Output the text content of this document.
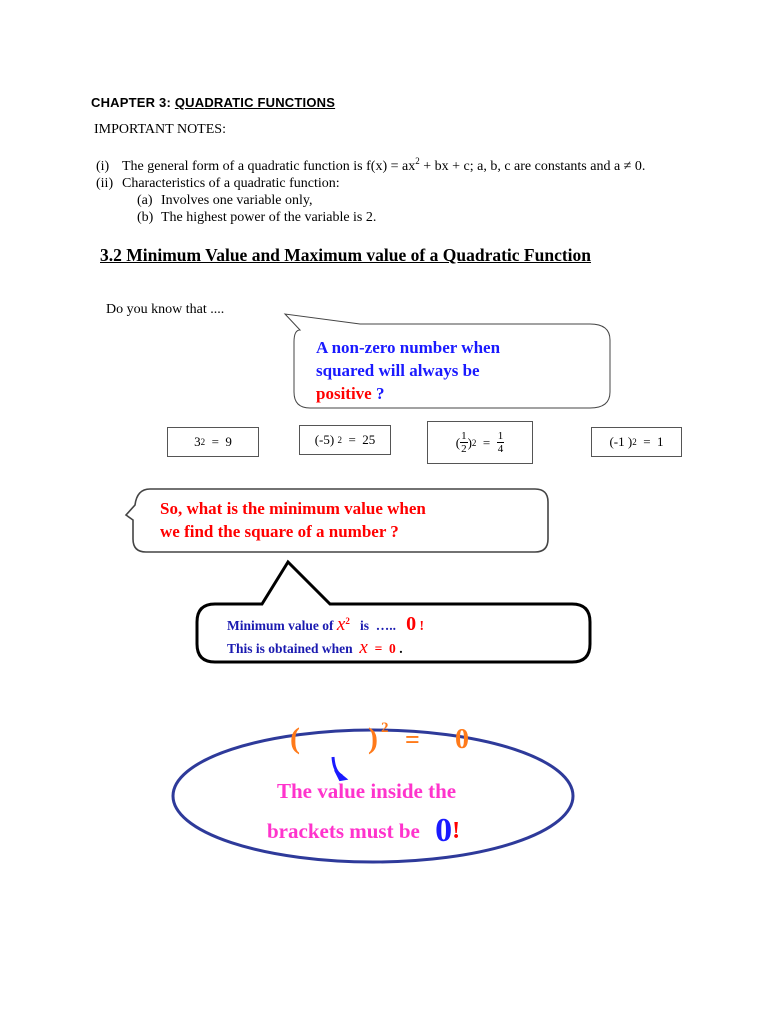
CHAPTER 3: QUADRATIC FUNCTIONS
IMPORTANT NOTES:
(i) The general form of a quadratic function is $f(x) = ax^2$ + bx + c; a, b, c are constants and a ≠ 0.
(ii) Characteristics of a quadratic function:
(a) Involves one variable only,
(b) The highest power of the variable is 2.
3.2 Minimum Value and Maximum value of a Quadratic Function
Do you know that ....
A non-zero number when
squared will always be
positive ?
3 2 =  9	(-5) 2 =  25	( $\frac{1}{2}$ ) $2 = \frac{1}{4}$	(-1 ) 2 =  1
So, what is the minimum value when
we find the square of a number ?
Minimum value of $x^2$   is  …..   0 !
This is obtained when  x  =  0 .
( ) 2 = 0
The value inside the
brackets must be 0!
